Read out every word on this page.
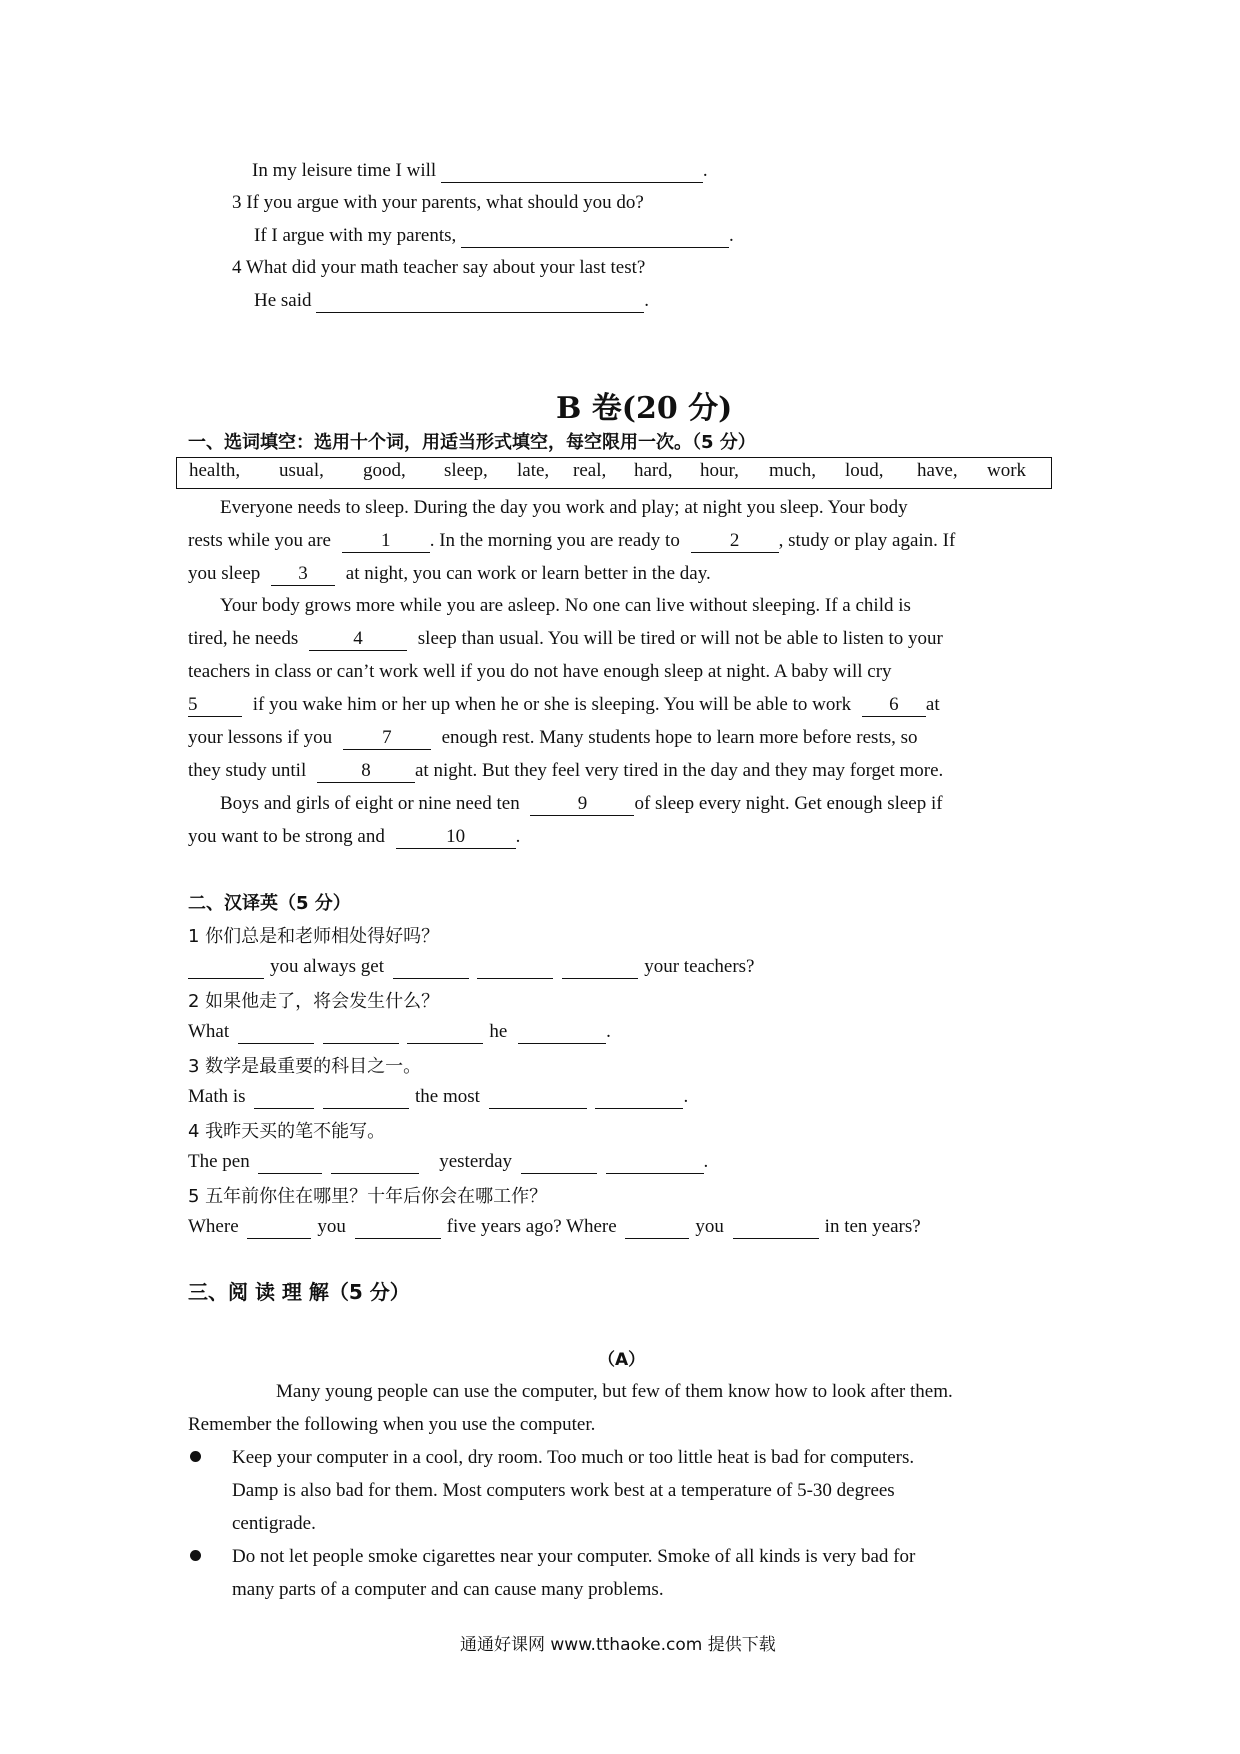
In my leisure time I will	.
3 If you argue with your parents, what should you do?
If I argue with my parents,	.
4 What did your math teacher say about your last test?
He said	.
B 卷(20 分)
一、选词填空：选用十个词，用适当形式填空，每空限用一次。（5 分）
health, usual, good, sleep, late, real, hard, hour, much, loud, have, work
Everyone needs to sleep. During the day you work and play; at night you sleep. Your body
rests while you are	1 . In the morning you are ready to	2 , study or play again. If
you sleep 3 at night, you can work or learn better in the day.
Your body grows more while you are asleep. No one can live without sleeping. If a child is
tired, he needs	4	sleep than usual. You will be tired or will not be able to listen to your
teachers in class or can’t work well if you do not have enough sleep at night. A baby will cry
5	if you wake him or her up when he or she is sleeping. You will be able to work 6 at
your lessons if you	7	enough rest. Many students hope to learn more before rests, so
they study until	8 at night. But they feel very tired in the day and they may forget more.
Boys and girls of eight or nine need ten	9 of sleep every night. Get enough sleep if
you want to be strong and	10	.
二、汉译英（5 分）
1 你们总是和老师相处得好吗？
you always get	your teachers?
2 如果他走了，将会发生什么？
What	he	.
3 数学是最重要的科目之一。
Math is	the most	.
4 我昨天买的笔不能写。
The pen	yesterday	.
5 五年前你住在哪里？十年后你会在哪工作？
Where	you	five years ago? Where	you	in ten years?
三、阅 读 理 解（5 分）
（A）
Many young people can use the computer, but few of them know how to look after them.
Remember the following when you use the computer.
Keep your computer in a cool, dry room. Too much or too little heat is bad for computers.
Damp is also bad for them. Most computers work best at a temperature of 5-30 degrees
centigrade.
Do not let people smoke cigarettes near your computer. Smoke of all kinds is very bad for
many parts of a computer and can cause many problems.
通通好课网 www.tthaoke.com 提供下载
